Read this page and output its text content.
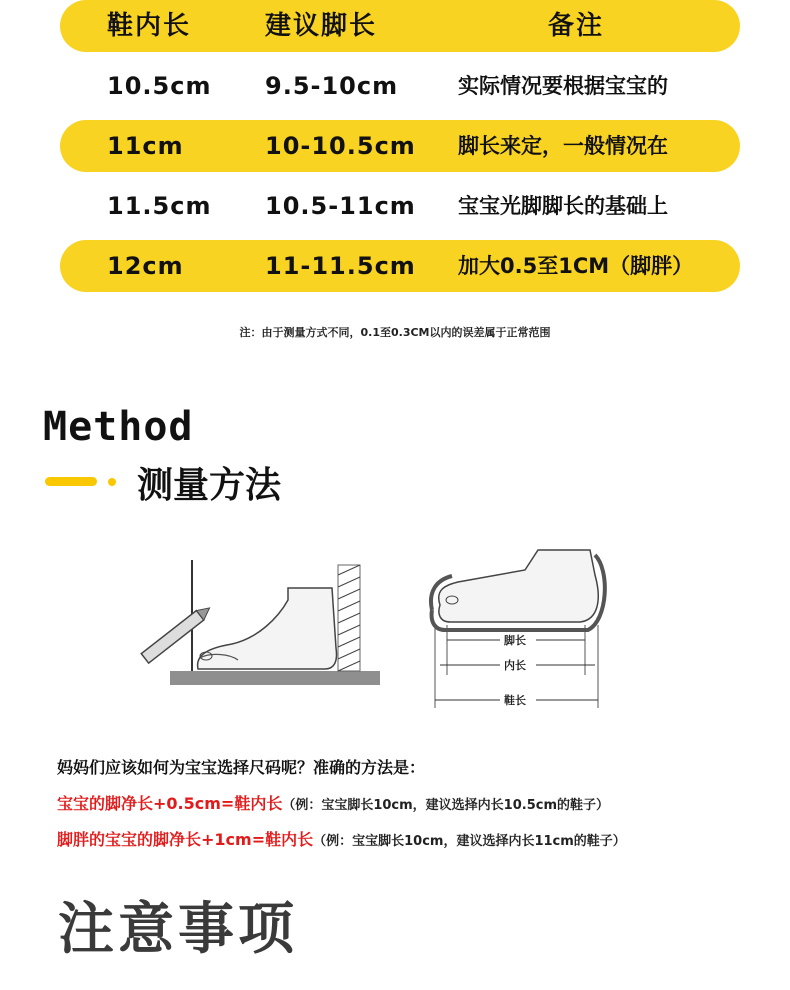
鞋内长	建议脚长	备注
10.5cm 9.5-10cm	实际情况要根据宝宝的
11cm	10-10.5cm 脚长来定，一般情况在
11.5cm 10.5-11cm 宝宝光脚脚长的基础上
12cm	11-11.5cm 加大0.5至1CM（脚胖）
注：由于测量方式不同，0.1至0.3CM以内的误差属于正常范围
Method
测量方法
脚长
内长
鞋长
妈妈们应该如何为宝宝选择尺码呢？准确的方法是：
宝宝的脚净长+0.5cm=鞋内长（例：宝宝脚长10cm，建议选择内长10.5cm的鞋子）
脚胖的宝宝的脚净长+1cm=鞋内长（例：宝宝脚长10cm，建议选择内长11cm的鞋子）
注意事项
